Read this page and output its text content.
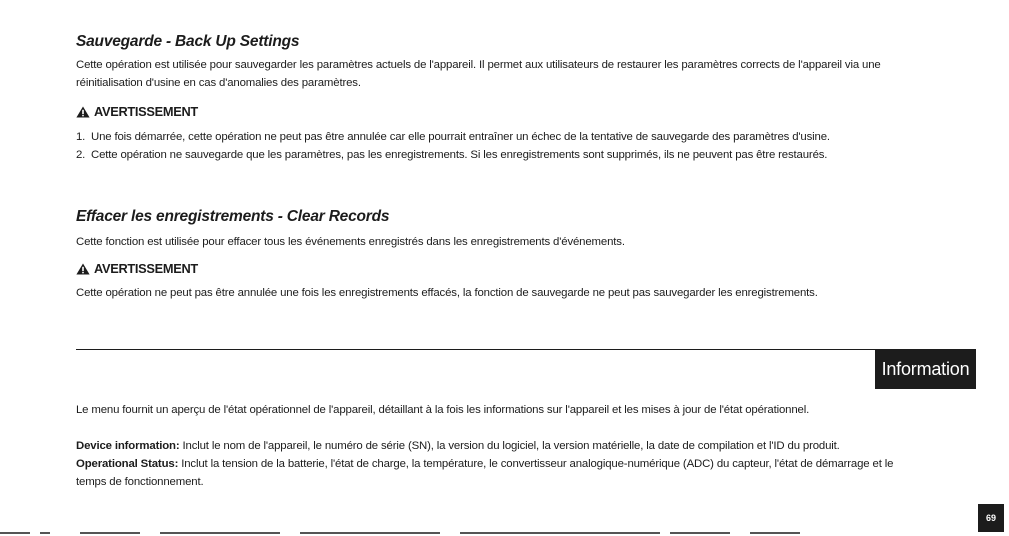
Sauvegarde - Back Up Settings

Cette opération est utilisée pour sauvegarder les paramètres actuels de l'appareil. Il permet aux utilisateurs de restaurer les paramètres corrects de l'appareil via une

réinitialisation d'usine en cas d'anomalies des paramètres.

AVERTISSEMENT
1. Une fois démarrée, cette opération ne peut pas être annulée car elle pourrait entraîner un échec de la tentative de sauvegarde des paramètres d'usine.
2. Cette opération ne sauvegarde que les paramètres, pas les enregistrements. Si les enregistrements sont supprimés, ils ne peuvent pas être restaurés.
Effacer les enregistrements - Clear Records
Cette fonction est utilisée pour effacer tous les événements enregistrés dans les enregistrements d'événements.
AVERTISSEMENT
Cette opération ne peut pas être annulée une fois les enregistrements effacés, la fonction de sauvegarde ne peut pas sauvegarder les enregistrements.
Information
Le menu fournit un aperçu de l'état opérationnel de l'appareil, détaillant à la fois les informations sur l'appareil et les mises à jour de l'état opérationnel.

Device information: Inclut le nom de l'appareil, le numéro de série (SN), la version du logiciel, la version matérielle, la date de compilation et l'ID du produit.

Operational Status: Inclut la tension de la batterie, l'état de charge, la température, le convertisseur analogique-numérique (ADC) du capteur, l'état de démarrage et le

temps de fonctionnement.

69
